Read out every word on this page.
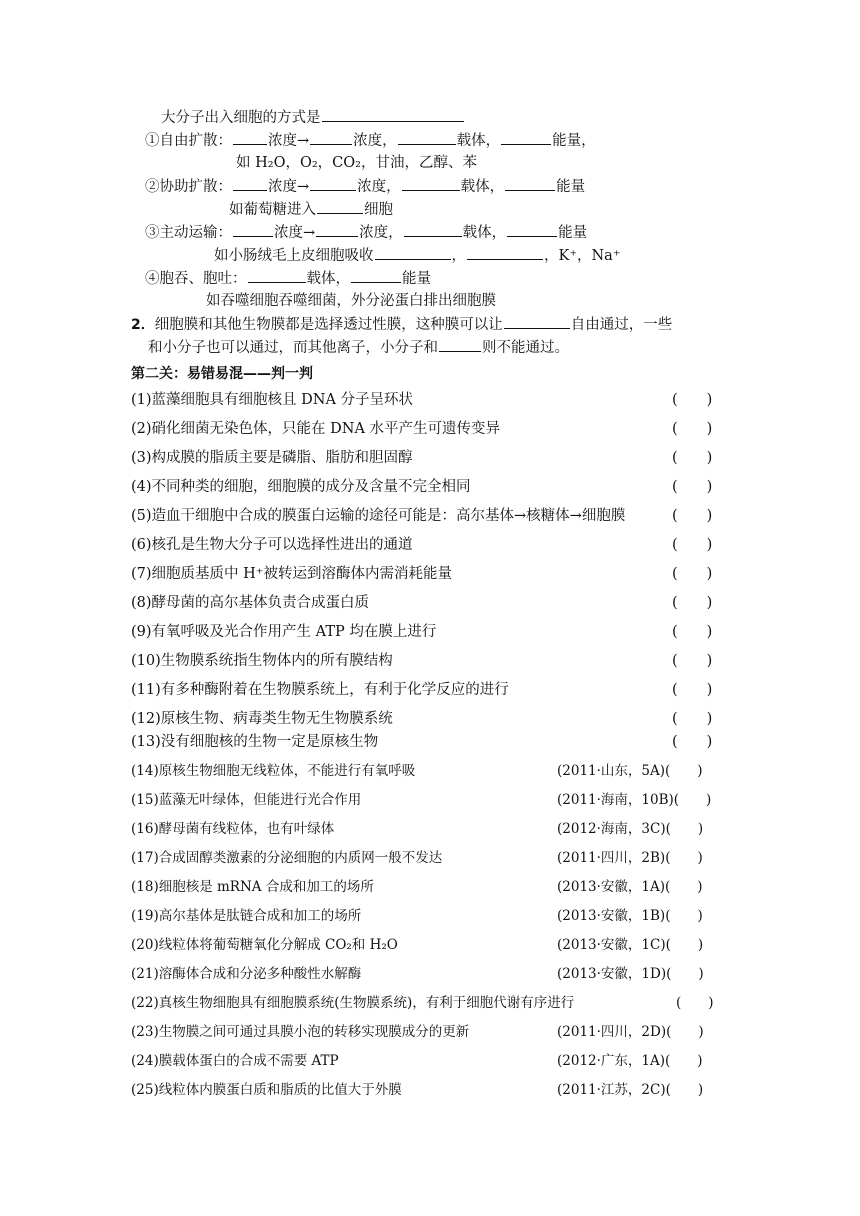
大分子出入细胞的方式是
①自由扩散： 浓度→	浓度，	载体，	能量，
如 H₂O，O₂，CO₂，甘油，乙醇、苯
②协助扩散： 浓度→	浓度，	载体，	能量
如葡萄糖进入	细胞
③主动运输：	浓度→	浓度，	载体，	能量
如小肠绒毛上皮细胞吸收	，	，K⁺，Na⁺
④胞吞、胞吐：	载体，	能量
如吞噬细胞吞噬细菌，外分泌蛋白排出细胞膜
2．细胞膜和其他生物膜都是选择透过性膜，这种膜可以让	自由通过，一些
和小分子也可以通过，而其他离子，小分子和	则不能通过。
第二关：易错易混——判一判
(1)蓝藻细胞具有细胞核且 DNA 分子呈环状	(　　)
(2)硝化细菌无染色体，只能在 DNA 水平产生可遗传变异	(　　)
(3)构成膜的脂质主要是磷脂、脂肪和胆固醇	(　　)
(4)不同种类的细胞，细胞膜的成分及含量不完全相同	(　　)
(5)造血干细胞中合成的膜蛋白运输的途径可能是：高尔基体→核糖体→细胞膜	(　　)
(6)核孔是生物大分子可以选择性进出的通道	(　　)
(7)细胞质基质中 H⁺被转运到溶酶体内需消耗能量	(　　)
(8)酵母菌的高尔基体负责合成蛋白质	(　　)
(9)有氧呼吸及光合作用产生 ATP 均在膜上进行	(　　)
(10)生物膜系统指生物体内的所有膜结构	(　　)
(11)有多种酶附着在生物膜系统上，有利于化学反应的进行	(　　)
(12)原核生物、病毒类生物无生物膜系统	(　　)
(13)没有细胞核的生物一定是原核生物	(　　)
(14)原核生物细胞无线粒体，不能进行有氧呼吸	(2011·山东，5A)(　　)
(15)蓝藻无叶绿体，但能进行光合作用	(2011·海南，10B)(　　)
(16)酵母菌有线粒体，也有叶绿体	(2012·海南，3C)(　　)
(17)合成固醇类激素的分泌细胞的内质网一般不发达	(2011·四川，2B)(　　)
(18)细胞核是 mRNA 合成和加工的场所	(2013·安徽，1A)(　　)
(19)高尔基体是肽链合成和加工的场所	(2013·安徽，1B)(　　)
(20)线粒体将葡萄糖氧化分解成 CO₂和 H₂O	(2013·安徽，1C)(　　)
(21)溶酶体合成和分泌多种酸性水解酶	(2013·安徽，1D)(　　)
(22)真核生物细胞具有细胞膜系统(生物膜系统)，有利于细胞代谢有序进行	(　　)
(23)生物膜之间可通过具膜小泡的转移实现膜成分的更新	(2011·四川，2D)(　　)
(24)膜载体蛋白的合成不需要 ATP	(2012·广东，1A)(　　)
(25)线粒体内膜蛋白质和脂质的比值大于外膜	(2011·江苏，2C)(　　)
